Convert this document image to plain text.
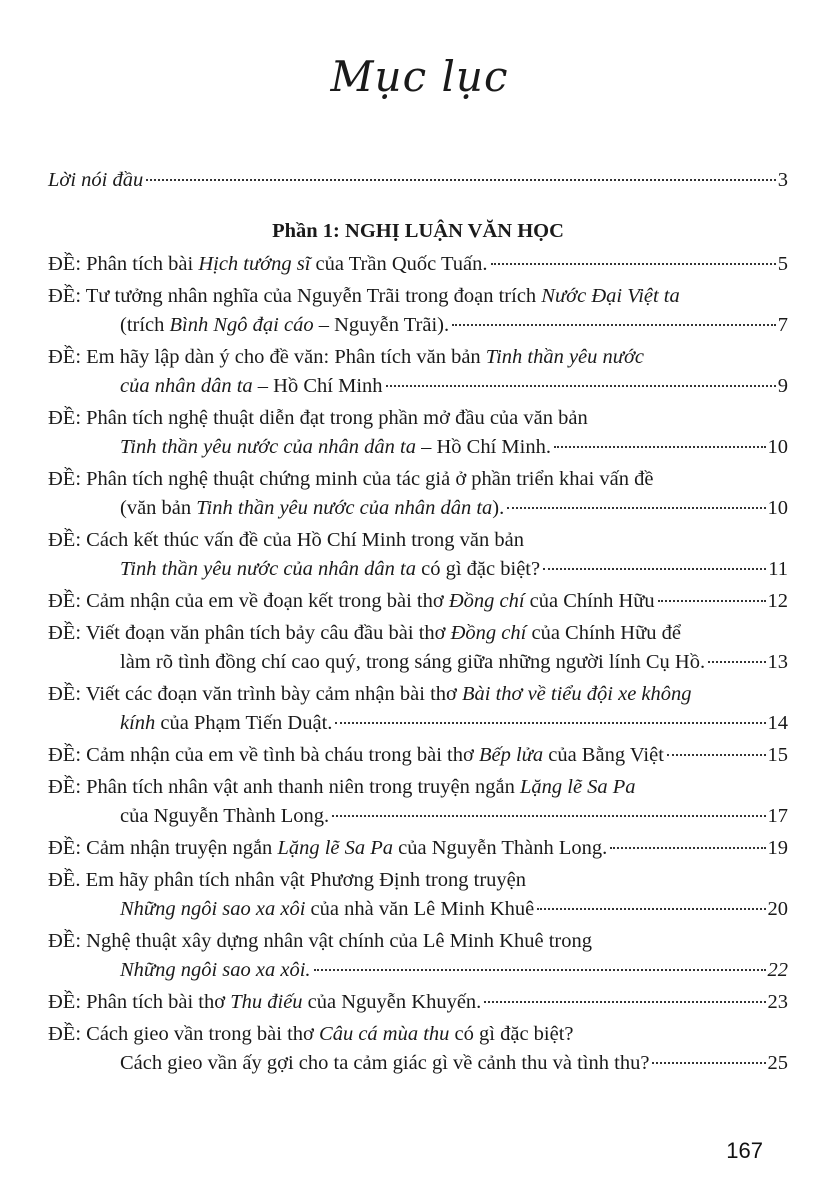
Mục lục
Lời nói đầu	3
Phần 1: NGHỊ LUẬN VĂN HỌC
ĐỀ: Phân tích bài Hịch tướng sĩ của Trần Quốc Tuấn.	5
ĐỀ: Tư tưởng nhân nghĩa của Nguyễn Trãi trong đoạn trích Nước Đại Việt ta
(trích Bình Ngô đại cáo – Nguyễn Trãi).	7
ĐỀ: Em hãy lập dàn ý cho đề văn: Phân tích văn bản Tinh thần yêu nước
của nhân dân ta – Hồ Chí Minh	9
ĐỀ: Phân tích nghệ thuật diễn đạt trong phần mở đầu của văn bản
Tinh thần yêu nước của nhân dân ta – Hồ Chí Minh.	10
ĐỀ: Phân tích nghệ thuật chứng minh của tác giả ở phần triển khai vấn đề
(văn bản Tinh thần yêu nước của nhân dân ta).	10
ĐỀ: Cách kết thúc vấn đề của Hồ Chí Minh trong văn bản
Tinh thần yêu nước của nhân dân ta có gì đặc biệt?	11
ĐỀ: Cảm nhận của em về đoạn kết trong bài thơ Đồng chí của Chính Hữu	12
ĐỀ: Viết đoạn văn phân tích bảy câu đầu bài thơ Đồng chí của Chính Hữu để
làm rõ tình đồng chí cao quý, trong sáng giữa những người lính Cụ Hồ.	13
ĐỀ: Viết các đoạn văn trình bày cảm nhận bài thơ Bài thơ về tiểu đội xe không
kính của Phạm Tiến Duật.	14
ĐỀ: Cảm nhận của em về tình bà cháu trong bài thơ Bếp lửa của Bằng Việt	15
ĐỀ: Phân tích nhân vật anh thanh niên trong truyện ngắn Lặng lẽ Sa Pa
của Nguyễn Thành Long.	17
ĐỀ: Cảm nhận truyện ngắn Lặng lẽ Sa Pa của Nguyễn Thành Long.	19
ĐỀ. Em hãy phân tích nhân vật Phương Định trong truyện
Những ngôi sao xa xôi của nhà văn Lê Minh Khuê	20
ĐỀ: Nghệ thuật xây dựng nhân vật chính của Lê Minh Khuê trong
Những ngôi sao xa xôi.	22
ĐỀ: Phân tích bài thơ Thu điếu của Nguyễn Khuyến.	23
ĐỀ: Cách gieo vần trong bài thơ Câu cá mùa thu có gì đặc biệt?
Cách gieo vần ấy gợi cho ta cảm giác gì về cảnh thu và tình thu?	25
167
